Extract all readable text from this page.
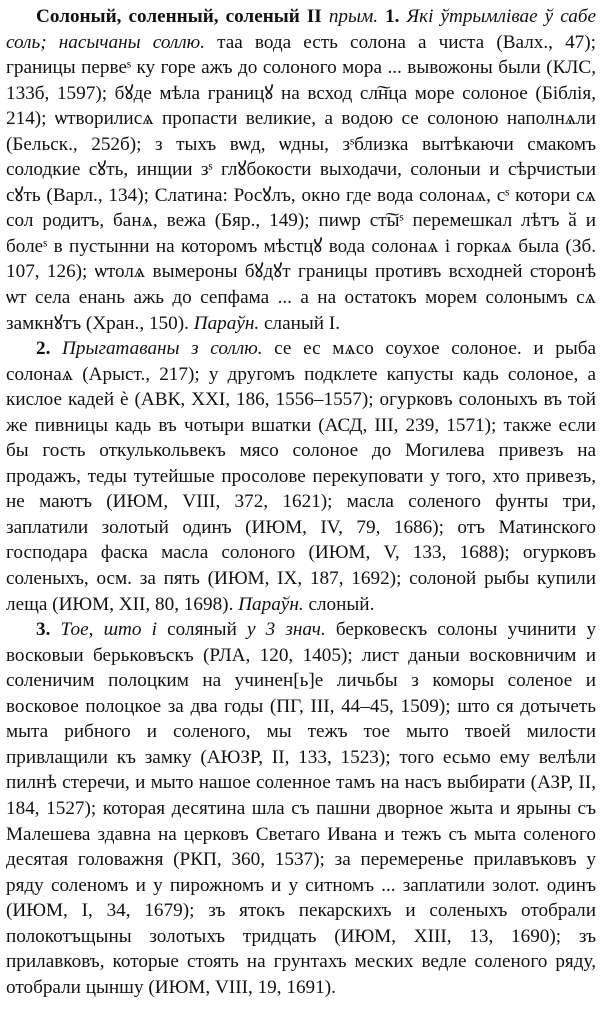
Солоный, соленный, соленый II прым. 1. Які ўтрымлівае ў сабе соль; насычаны соллю. таа вода есть солона а чиста (Валх., 47); границы первеˢ ку горе ажъ до солоного мора ... вывожоны были (КЛС, 133б, 1597); бꙋде мѣла границꙋ на всход сл͠нца море солоное (Біблія, 214); ѡтворилисѧ пропасти великие, а водою се солоною наполнѧли (Бельск., 252б); з тыхъ вѡд, ѡдны, зˢблизка вытѣкаючи смакомъ солодкие сꙋть, инщии зˢ глꙋбокости выходачи, солоныи и сѣрчистыи сꙋть (Варл., 134); Слатина: Росꙋлъ, окно где вода солонаѧ, сˢ котори сѧ сол родитъ, банѧ, вежа (Бяр., 149); пиѡр ст͠ыˢ перемешкал лѣтъ ӑ и болеˢ в пустынни на которомъ мѣстцꙋ вода солонаѧ і горкаѧ была (Зб. 107, 126); ѡтолѧ вымероны бꙋдꙋт границы противъ всходней сторонѣ ѡт села енань ажь до сепфама ... а на остатокъ морем солонымъ сѧ замкнꙋтъ (Хран., 150). Параўн. сланый I.

2. Прыгатаваны з соллю. се ес мѧсо соухое солоное. и рыба солонаѧ (Арыст., 217); у другомъ подклете капусты кадь солоное, а кислое кадей ѐ (АВК, XXI, 186, 1556–1557); огурковъ солоныхъ въ той же пивницы кадь въ чотыри вшатки (АСД, III, 239, 1571); также если бы гость откулькольвекъ мясо солоное до Могилева привезъ на продажъ, теды тутейшые просолове перекуповати у того, хто привезъ, не маютъ (ИЮМ, VIII, 372, 1621); масла соленого фунты три, заплатили золотый одинъ (ИЮМ, IV, 79, 1686); отъ Матинского господара фаска масла солоного (ИЮМ, V, 133, 1688); огурковъ соленыхъ, осм. за пять (ИЮМ, IX, 187, 1692); солоной рыбы купили леща (ИЮМ, XII, 80, 1698). Параўн. слоный.

3. Тое, што і соляный у 3 знач. берковескъ солоны учинити у восковыи берьковъскъ (РЛА, 120, 1405); лист даныи восковничим и соленичим полоцким на учинен[ь]е личьбы з коморы соленое и восковое полоцкое за два годы (ПГ, III, 44–45, 1509); што ся дотычеть мыта рибного и соленого, мы тежъ тое мыто твоей милости привлащили къ замку (АЮЗР, II, 133, 1523); того есьмо ему велѣли пилнѣ стеречи, и мыто нашое соленное тамъ на насъ выбирати (АЗР, II, 184, 1527); которая десятина шла съ пашни дворное жыта и ярыны съ Малешева здавна на церковъ Светаго Ивана и тежъ съ мыта соленого десятая головажня (РКП, 360, 1537); за перемеренье прилавъковъ у ряду соленомъ и у пирожномъ и у ситномъ ... заплатили золот. одинъ (ИЮМ, I, 34, 1679); зъ ятокъ пекарскихъ и соленыхъ отобрали полокотъщыны золотыхъ тридцать (ИЮМ, XIII, 13, 1690); зъ прилавковъ, которые стоять на грунтахъ меских ведле соленого ряду, отобрали цыншу (ИЮМ, VIII, 19, 1691).
